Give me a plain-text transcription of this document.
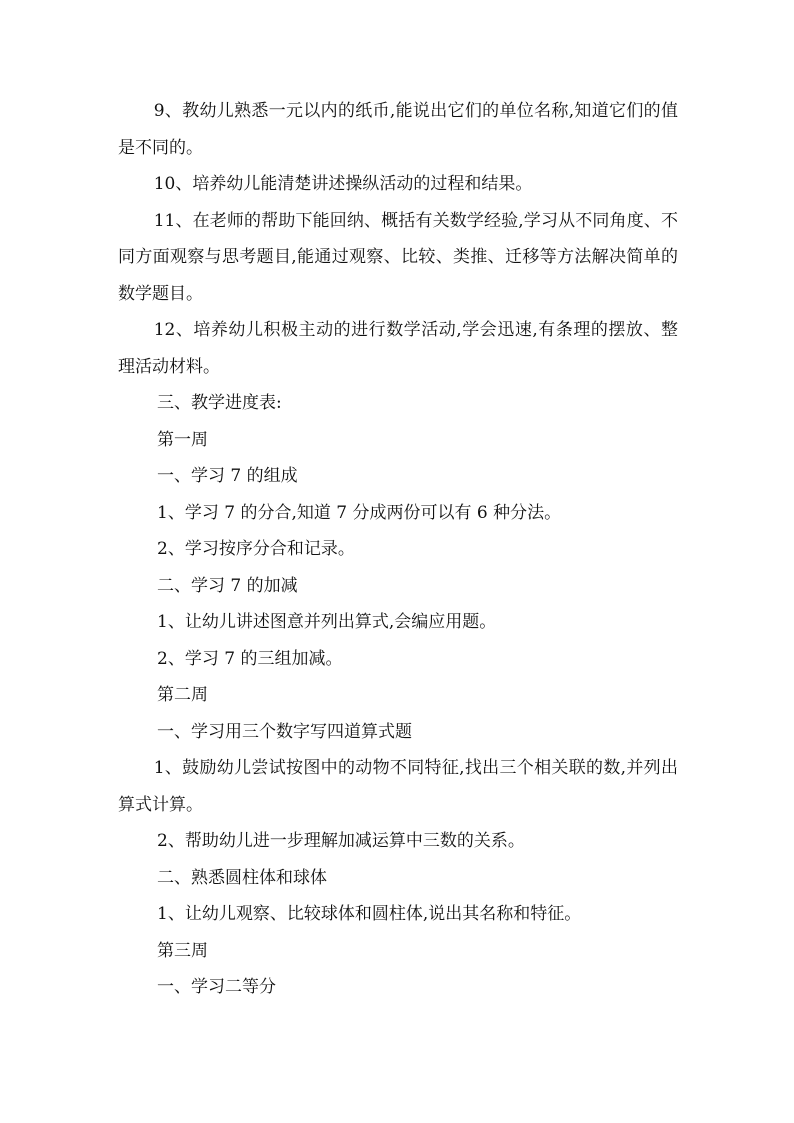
9、教幼儿熟悉一元以内的纸币,能说出它们的单位名称,知道它们的值是不同的。

10、培养幼儿能清楚讲述操纵活动的过程和结果。

11、在老师的帮助下能回纳、概括有关数学经验,学习从不同角度、不同方面观察与思考题目,能通过观察、比较、类推、迁移等方法解决简单的数学题目。

12、培养幼儿积极主动的进行数学活动,学会迅速,有条理的摆放、整理活动材料。

三、教学进度表:

第一周

一、学习 7 的组成

1、学习 7 的分合,知道 7 分成两份可以有 6 种分法。

2、学习按序分合和记录。

二、学习 7 的加减

1、让幼儿讲述图意并列出算式,会编应用题。

2、学习 7 的三组加减。

第二周

一、学习用三个数字写四道算式题

1、鼓励幼儿尝试按图中的动物不同特征,找出三个相关联的数,并列出算式计算。

2、帮助幼儿进一步理解加减运算中三数的关系。

二、熟悉圆柱体和球体

1、让幼儿观察、比较球体和圆柱体,说出其名称和特征。

第三周

一、学习二等分
